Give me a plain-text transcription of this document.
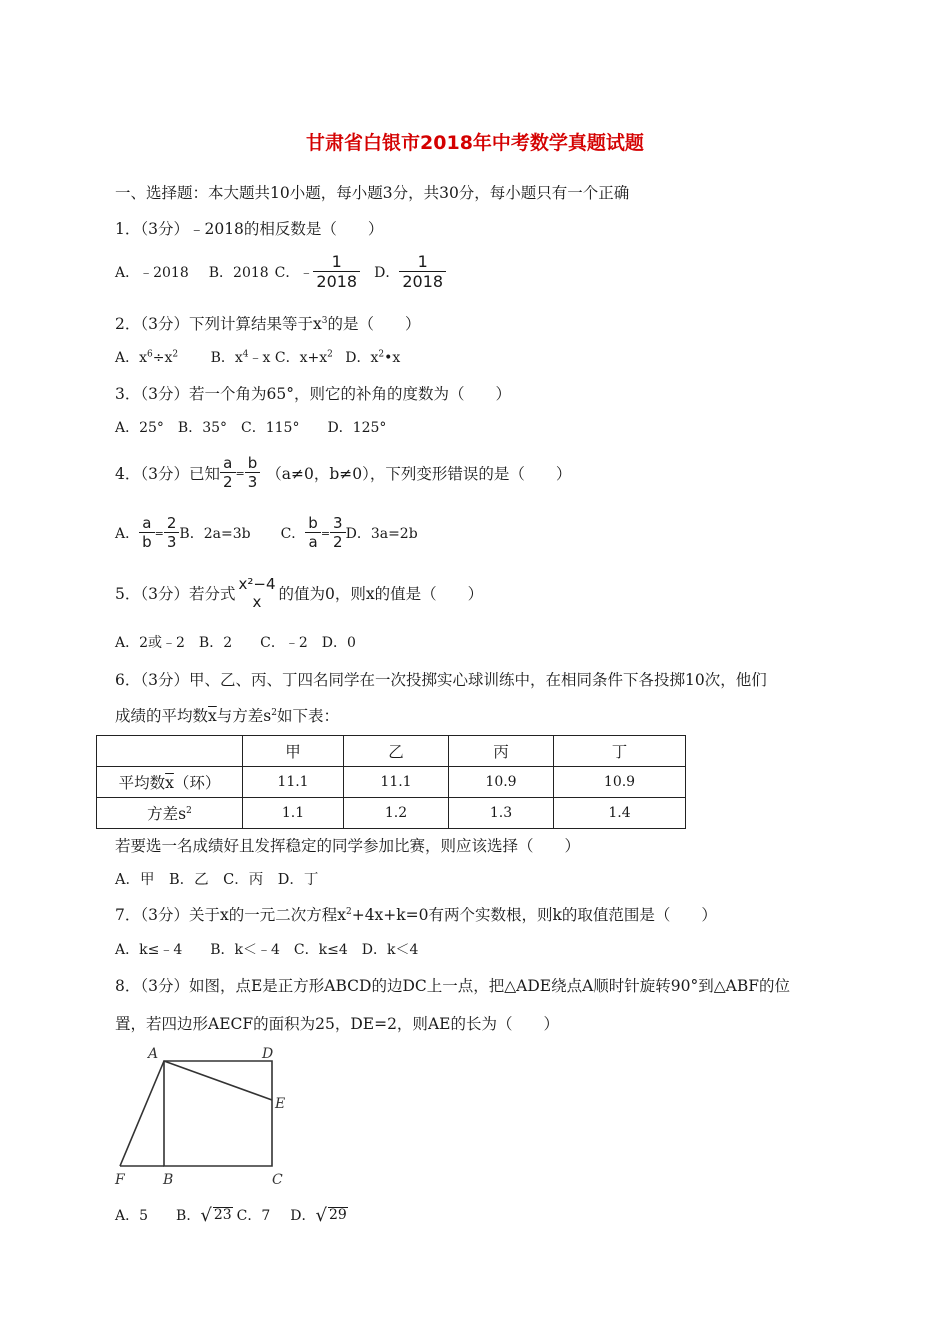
甘肃省白银市2018年中考数学真题试题
一、选择题：本大题共10小题，每小题3分，共30分，每小题只有一个正确
1．（3分）﹣2018的相反数是（　　）
A．﹣2018 B．2018 C．﹣ $\frac{1}{2018}$ D． $\frac{1}{2018}$
2．（3分）下列计算结果等于$x^3$的是（　　）
A．$x^6\div x^2$ B．$x^4﹣x$ C．$x+x^2$ D．$x^2•x$
3．（3分）若一个角为65°，则它的补角的度数为（　　）
A．25°　B．35°　C．115°　　D．125°
4．（3分）已知 $\frac{a}{2} = \frac{b}{3} (a\ne 0$，b≠0），下列变形错误的是（　　）
A． $\frac{a}{b} = \frac{2}{3}$ B．2a=3b C． $\frac{b}{a} = \frac{3}{2}$ D．3a=2b
5．（3分）若分式
x²−4
x 的值为0，则x的值是（　　）
A．2或﹣2　B．2　　C．﹣2　D．0
6．（3分）甲、乙、丙、丁四名同学在一次投掷实心球训练中，在相同条件下各投掷10次，他们
成绩的平均数$\overline{x}$与方差$s^2$如下表：
	甲	乙	丙	丁
平均数$\overline{x}$（环）	11.1	11.1	10.9	10.9
方差$s^2$	1.1	1.2	1.3	1.4
若要选一名成绩好且发挥稳定的同学参加比赛，则应该选择（　　）
A．甲　B．乙　C．丙　D．丁
7．（3分）关于x的一元二次方程$x^2+4x+k=0$有两个实数根，则k的取值范围是（　　）
A．k≤﹣4　　B．k＜﹣4　C．k≤4　D．k＜4
8．（3分）如图，点E是正方形ABCD的边DC上一点，把△ADE绕点A顺时针旋转90°到△ABF的位
置，若四边形AECF的面积为25，DE=2，则AE的长为（　　）
A	D
E
F	B	C
A．5 B． √ 23 C．7 D． √ 29
